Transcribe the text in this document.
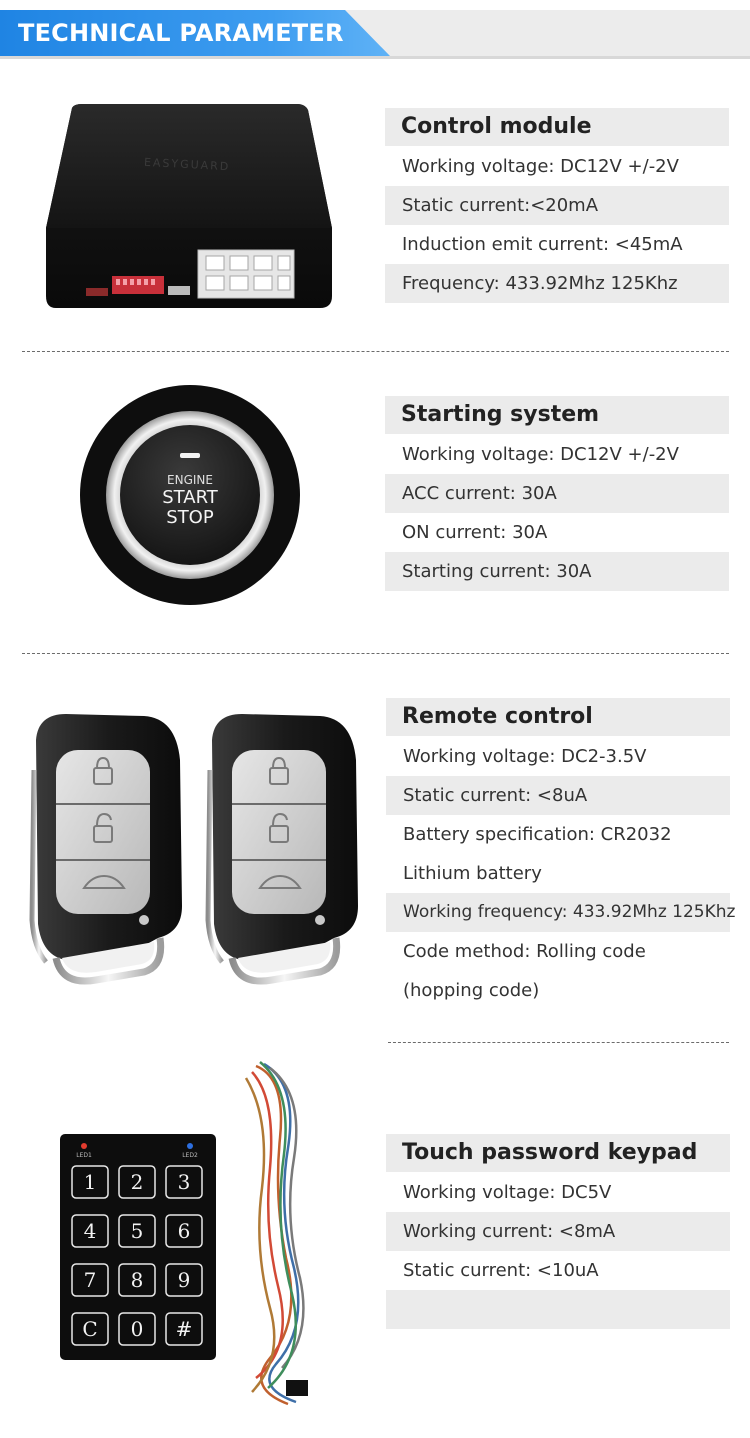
TECHNICAL PARAMETER
EASYGUARD
Control module
Working voltage: DC12V +/-2V
Static current:<20mA
Induction emit current: <45mA
Frequency: 433.92Mhz 125Khz
ENGINE
START
STOP
Starting system
Working voltage: DC12V +/-2V
ACC current: 30A
ON current: 30A
Starting current: 30A
Remote control
Working voltage: DC2-3.5V
Static current: <8uA
Battery specification: CR2032 Lithium battery
Working frequency: 433.92Mhz 125Khz
Code method: Rolling code (hopping code)
LED1	LED2
1 2 3
4 5 6
7 8 9
C 0 #
Touch password keypad
Working voltage: DC5V
Working current: <8mA
Static current: <10uA
